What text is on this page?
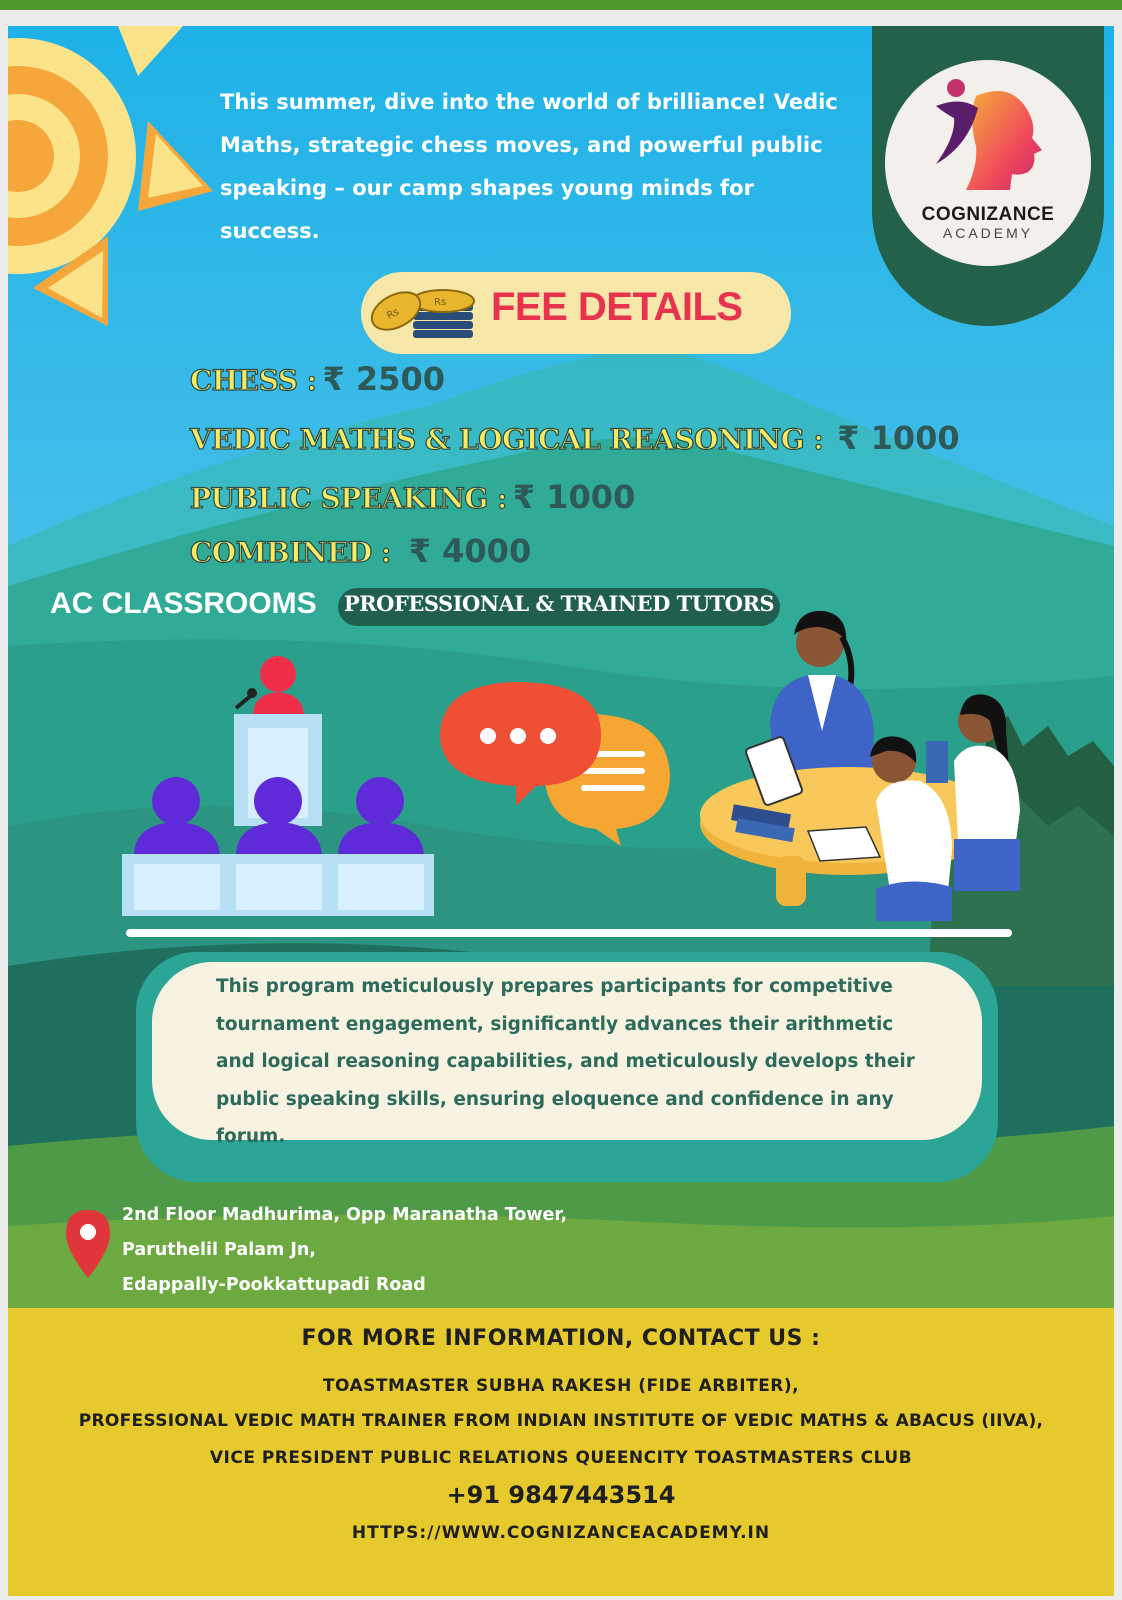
This summer, dive into the world of brilliance! Vedic Maths, strategic chess moves, and powerful public speaking – our camp shapes young minds for success.
COGNIZANCE
ACADEMY
Rs
Rs FEE DETAILS
CHESS : ₹ 2500
VEDIC MATHS & LOGICAL REASONING : ₹ 1000
PUBLIC SPEAKING : ₹ 1000
COMBINED : ₹ 4000
AC CLASSROOMS PROFESSIONAL & TRAINED TUTORS
This program meticulously prepares participants for competitive tournament engagement, significantly advances their arithmetic and logical reasoning capabilities, and meticulously develops their public speaking skills, ensuring eloquence and confidence in any forum.
2nd Floor Madhurima, Opp Maranatha Tower,
Paruthelil Palam Jn,
Edappally-Pookkattupadi Road
FOR MORE INFORMATION, CONTACT US :
TOASTMASTER SUBHA RAKESH (FIDE ARBITER),
PROFESSIONAL VEDIC MATH TRAINER FROM INDIAN INSTITUTE OF VEDIC MATHS & ABACUS (IIVA),
VICE PRESIDENT PUBLIC RELATIONS QUEENCITY TOASTMASTERS CLUB
+91 9847443514
HTTPS://WWW.COGNIZANCEACADEMY.IN
